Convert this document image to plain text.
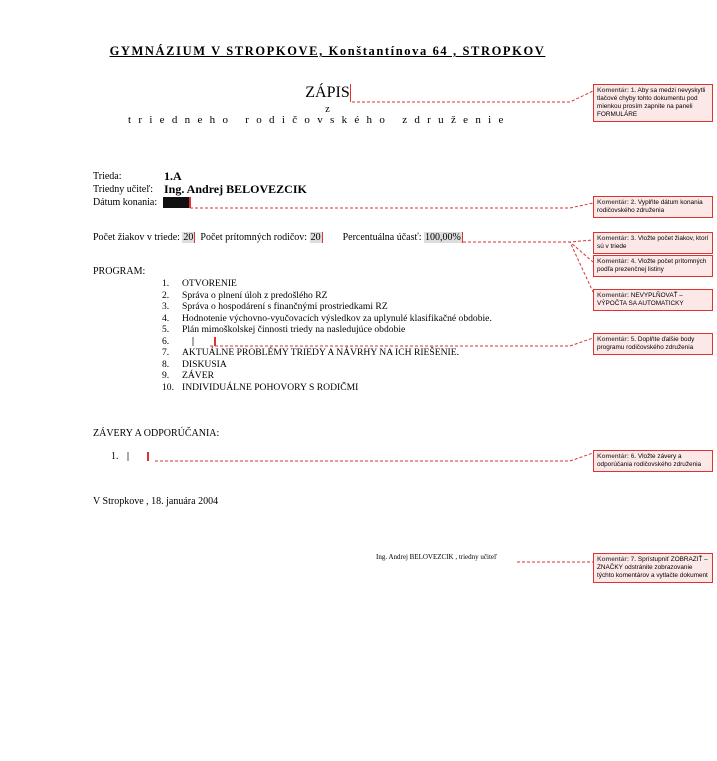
GYMNÁZIUM V STROPKOVE, Konštantínova 64 , STROPKOV
ZÁPIS
z
triedneho rodičovského združenie
Trieda:	1.A
Triedny učiteľ: Ing. Andrej BELOVEZCIK
Dátum konania:
Počet žiakov v triede: 20 Počet prítomných rodičov: 20 Percentuálna účasť: 100,00%
PROGRAM:
1. OTVORENIE
2. Správa o plnení úloh z predošlého RZ
3. Správa o hospodárení s finančnými prostriedkami RZ
4. Hodnotenie výchovno-vyučovacích výsledkov za uplynulé klasifikačné obdobie.
5. Plán mimoškolskej činnosti triedy na nasledujúce obdobie
6.
7. AKTUÁLNE PROBLÉMY TRIEDY A NÁVRHY NA ICH RIEŠENIE.
8. DISKUSIA
9. ZÁVER
10. INDIVIDUÁLNE POHOVORY S RODIČMI
ZÁVERY A ODPORÚČANIA:
1.
V Stropkove , 18. januára 2004
Ing. Andrej BELOVEZCIK , triedny učiteľ
Komentár: 1. Aby sa medzi nevyskytli tlačové chyby tohto dokumentu pod mienkou prosím zapnite na paneli FORMULÁRE
Komentár: 2. Vyplňte dátum konania rodičovského združenia
Komentár: 3. Vložte počet žiakov, ktorí sú v triede
Komentár: 4. Vložte počet prítomných podľa prezenčnej listiny
Komentár: NEVYPLŇOVAŤ – VÝPOČTA SA AUTOMATICKY
Komentár: 5. Doplňte ďalšie body programu rodičovského združenia
Komentár: 6. Vložte závery a odporúčania rodičovského združenia
Komentár: 7. Sprístupniť ZOBRAZIŤ – ZNAČKY odstránite zobrazovanie týchto komentárov a vytlačte dokument
